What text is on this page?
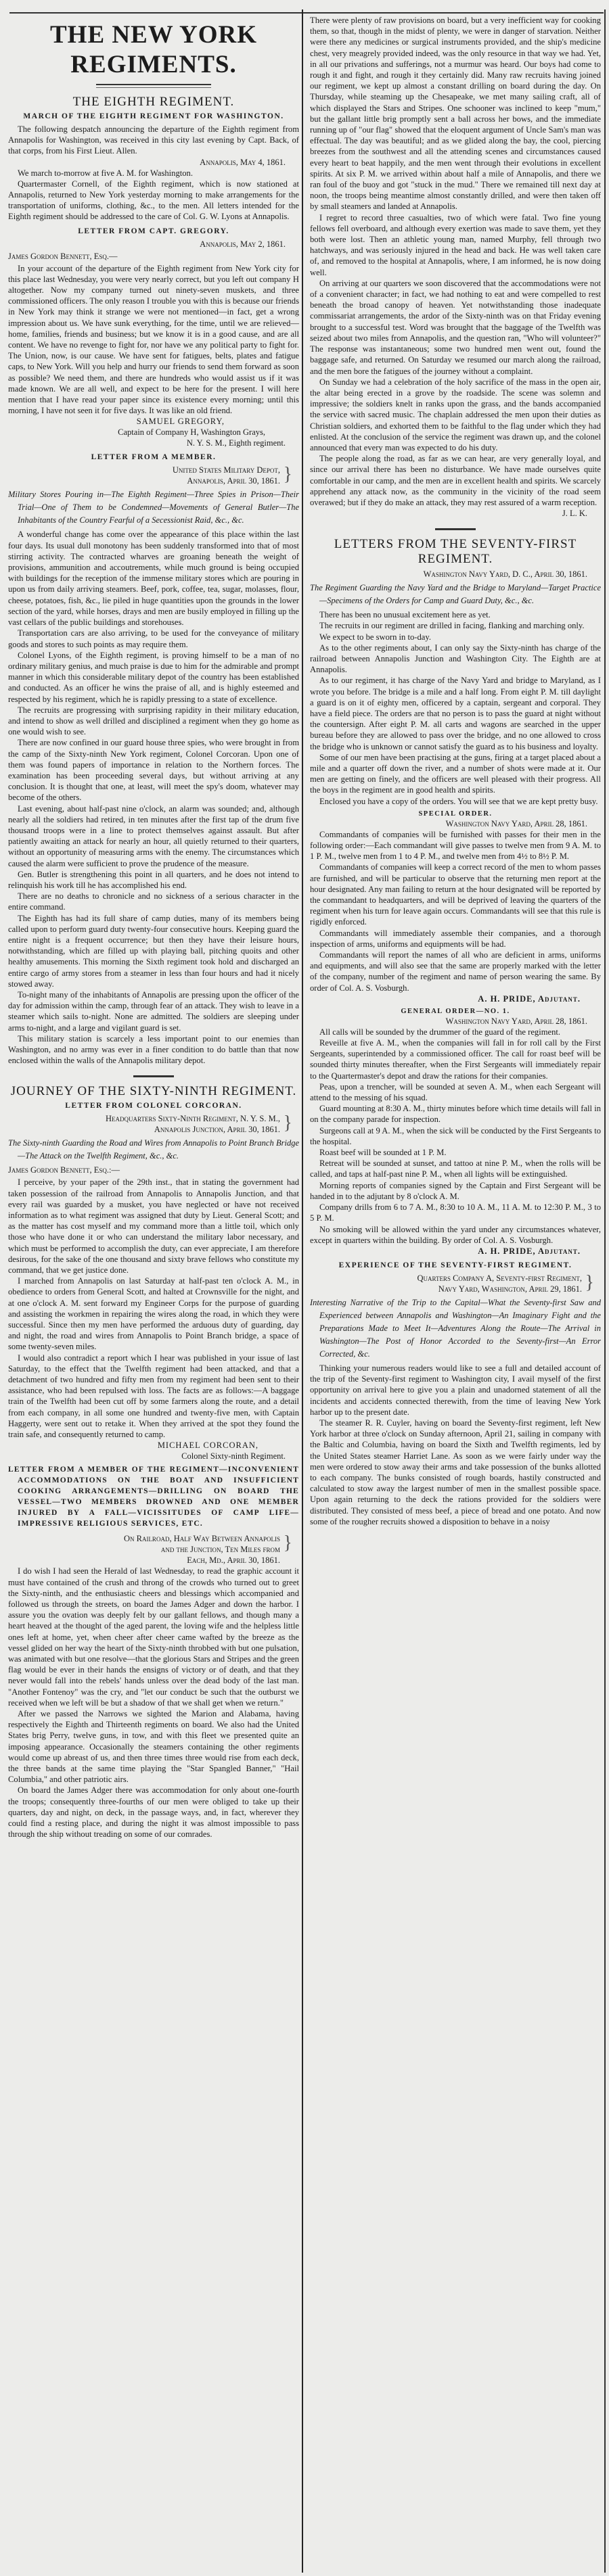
THE NEW YORK REGIMENTS.
THE EIGHTH REGIMENT.
MARCH OF THE EIGHTH REGIMENT FOR WASHINGTON.

The following despatch announcing the departure of the Eighth regiment from Annapolis for Washington, was received in this city last evening by Capt. Back, of that corps, from his First Lieut. Allen.

Annapolis, May 4, 1861.

We march to-morrow at five A. M. for Washington.

Quartermaster Cornell, of the Eighth regiment, which is now stationed at Annapolis, returned to New York yesterday morning to make arrangements for the transportation of uniforms, clothing, &c., to the men. All letters intended for the Eighth regiment should be addressed to the care of Col. G. W. Lyons at Annapolis.

LETTER FROM CAPT. GREGORY.
Annapolis, May 2, 1861.
James Gordon Bennett, Esq.—

In your account of the departure of the Eighth regiment from New York city for this place last Wednesday, you were very nearly correct, but you left out company H altogether. Now my company turned out ninety-seven muskets, and three commissioned officers. The only reason I trouble you with this is because our friends in New York may think it strange we were not mentioned—in fact, get a wrong impression about us. We have sunk everything, for the time, until we are relieved—home, families, friends and business; but we know it is in a good cause, and are all content. We have no revenge to fight for, nor have we any political party to fight for. The Union, now, is our cause. We have sent for fatigues, belts, plates and fatigue caps, to New York. Will you help and hurry our friends to send them forward as soon as possible? We need them, and there are hundreds who would assist us if it was made known. We are all well, and expect to be here for the present. I will here mention that I have read your paper since its existence every morning; until this morning, I have not seen it for five days. It was like an old friend.

SAMUEL GREGORY,
Captain of Company H, Washington Grays,
N. Y. S. M., Eighth regiment.
LETTER FROM A MEMBER.
United States Military Depot,
Annapolis, April 30, 1861.
}
Military Stores Pouring in—The Eighth Regiment—Three Spies in Prison—Their Trial—One of Them to be Condemned—Movements of General Butler—The Inhabitants of the Country Fearful of a Secessionist Raid, &c., &c.

A wonderful change has come over the appearance of this place within the last four days. Its usual dull monotony has been suddenly transformed into that of most stirring activity. The contracted wharves are groaning beneath the weight of provisions, ammunition and accoutrements, while much ground is being occupied with buildings for the reception of the immense military stores which are pouring in upon us from daily arriving steamers. Beef, pork, coffee, tea, sugar, molasses, flour, cheese, potatoes, fish, &c., lie piled in huge quantities upon the grounds in the lower section of the yard, while horses, drays and men are busily employed in filling up the vast cellars of the public buildings and storehouses.

Transportation cars are also arriving, to be used for the conveyance of military goods and stores to such points as may require them.

Colonel Lyons, of the Eighth regiment, is proving himself to be a man of no ordinary military genius, and much praise is due to him for the admirable and prompt manner in which this considerable military depot of the country has been established and conducted. As an officer he wins the praise of all, and is highly esteemed and respected by his regiment, which he is rapidly pressing to a state of excellence.

The recruits are progressing with surprising rapidity in their military education, and intend to show as well drilled and disciplined a regiment when they go home as one would wish to see.

There are now confined in our guard house three spies, who were brought in from the camp of the Sixty-ninth New York regiment, Colonel Corcoran. Upon one of them was found papers of importance in relation to the Northern forces. The examination has been proceeding several days, but without arriving at any conclusion. It is thought that one, at least, will meet the spy's doom, whatever may become of the others.

Last evening, about half-past nine o'clock, an alarm was sounded; and, although nearly all the soldiers had retired, in ten minutes after the first tap of the drum five thousand troops were in a line to protect themselves against assault. But after patiently awaiting an attack for nearly an hour, all quietly returned to their quarters, without an opportunity of measuring arms with the enemy. The circumstances which caused the alarm were sufficient to prove the prudence of the measure.

Gen. Butler is strengthening this point in all quarters, and he does not intend to relinquish his work till he has accomplished his end.

There are no deaths to chronicle and no sickness of a serious character in the entire command.

The Eighth has had its full share of camp duties, many of its members being called upon to perform guard duty twenty-four consecutive hours. Keeping guard the entire night is a frequent occurrence; but then they have their leisure hours, notwithstanding, which are filled up with playing ball, pitching quoits and other healthy amusements. This morning the Sixth regiment took hold and discharged an entire cargo of army stores from a steamer in less than four hours and had it nicely stowed away.

To-night many of the inhabitants of Annapolis are pressing upon the officer of the day for admission within the camp, through fear of an attack. They wish to leave in a steamer which sails to-night. None are admitted. The soldiers are sleeping under arms to-night, and a large and vigilant guard is set.

This military station is scarcely a less important point to our enemies than Washington, and no army was ever in a finer condition to do battle than that now enclosed within the walls of the Annapolis military depot.

JOURNEY OF THE SIXTY-NINTH REGIMENT.
LETTER FROM COLONEL CORCORAN.
Headquarters Sixty-Ninth Regiment, N. Y. S. M.,
Annapolis Junction, April 30, 1861.
}
The Sixty-ninth Guarding the Road and Wires from Annapolis to Point Branch Bridge—The Attack on the Twelfth Regiment, &c., &c.
James Gordon Bennett, Esq.:—

I perceive, by your paper of the 29th inst., that in stating the government had taken possession of the railroad from Annapolis to Annapolis Junction, and that every rail was guarded by a musket, you have neglected or have not received information as to what regiment was assigned that duty by Lieut. General Scott; and as the matter has cost myself and my command more than a little toil, which only those who have done it or who can understand the military labor necessary, and which must be performed to accomplish the duty, can ever appreciate, I am therefore desirous, for the sake of the one thousand and sixty brave fellows who constitute my command, that we get justice done.

I marched from Annapolis on last Saturday at half-past ten o'clock A. M., in obedience to orders from General Scott, and halted at Crownsville for the night, and at one o'clock A. M. sent forward my Engineer Corps for the purpose of guarding and assisting the workmen in repairing the wires along the road, in which they were successful. Since then my men have performed the arduous duty of guarding, day and night, the road and wires from Annapolis to Point Branch bridge, a space of some twenty-seven miles.

I would also contradict a report which I hear was published in your issue of last Saturday, to the effect that the Twelfth regiment had been attacked, and that a detachment of two hundred and fifty men from my regiment had been sent to their assistance, who had been repulsed with loss. The facts are as follows:—A baggage train of the Twelfth had been cut off by some farmers along the route, and a detail from each company, in all some one hundred and twenty-five men, with Captain Haggerty, were sent out to retake it. When they arrived at the spot they found the train safe, and consequently returned to camp.

MICHAEL CORCORAN,
Colonel Sixty-ninth Regiment.
LETTER FROM A MEMBER OF THE REGIMENT—INCONVENIENT ACCOMMODATIONS ON THE BOAT AND INSUFFICIENT COOKING ARRANGEMENTS—DRILLING ON BOARD THE VESSEL—TWO MEMBERS DROWNED AND ONE MEMBER INJURED BY A FALL—VICISSITUDES OF CAMP LIFE—IMPRESSIVE RELIGIOUS SERVICES, ETC.
On Railroad, Half Way Between Annapolis
and the Junction, Ten Miles from
Each, Md., April 30, 1861.
}

I do wish I had seen the Herald of last Wednesday, to read the graphic account it must have contained of the crush and throng of the crowds who turned out to greet the Sixty-ninth, and the enthusiastic cheers and blessings which accompanied and followed us through the streets, on board the James Adger and down the harbor. I assure you the ovation was deeply felt by our gallant fellows, and though many a heart heaved at the thought of the aged parent, the loving wife and the helpless little ones left at home, yet, when cheer after cheer came wafted by the breeze as the vessel glided on her way the heart of the Sixty-ninth throbbed with but one pulsation, was animated with but one resolve—that the glorious Stars and Stripes and the green flag would be ever in their hands the ensigns of victory or of death, and that they never would fall into the rebels' hands unless over the dead body of the last man. "Another Fontenoy" was the cry, and "let our conduct be such that the outburst we received when we left will be but a shadow of that we shall get when we return."

After we passed the Narrows we sighted the Marion and Alabama, having respectively the Eighth and Thirteenth regiments on board. We also had the United States brig Perry, twelve guns, in tow, and with this fleet we presented quite an imposing appearance. Occasionally the steamers containing the other regiments would come up abreast of us, and then three times three would rise from each deck, the three bands at the same time playing the "Star Spangled Banner," "Hail Columbia," and other patriotic airs.

On board the James Adger there was accommodation for only about one-fourth the troops; consequently three-fourths of our men were obliged to take up their quarters, day and night, on deck, in the passage ways, and, in fact, wherever they could find a resting place, and during the night it was almost impossible to pass through the ship without treading on some of our comrades.

There were plenty of raw provisions on board, but a very inefficient way for cooking them, so that, though in the midst of plenty, we were in danger of starvation. Neither were there any medicines or surgical instruments provided, and the ship's medicine chest, very meagrely provided indeed, was the only resource in that way we had. Yet, in all our privations and sufferings, not a murmur was heard. Our boys had come to rough it and fight, and rough it they certainly did. Many raw recruits having joined our regiment, we kept up almost a constant drilling on board during the day. On Thursday, while steaming up the Chesapeake, we met many sailing craft, all of which displayed the Stars and Stripes. One schooner was inclined to keep "mum," but the gallant little brig promptly sent a ball across her bows, and the immediate running up of "our flag" showed that the eloquent argument of Uncle Sam's man was effectual. The day was beautiful; and as we glided along the bay, the cool, piercing breezes from the southwest and all the attending scenes and circumstances caused every heart to beat happily, and the men went through their evolutions in excellent spirits. At six P. M. we arrived within about half a mile of Annapolis, and there we ran foul of the buoy and got "stuck in the mud." There we remained till next day at noon, the troops being meantime almost constantly drilled, and were then taken off by small steamers and landed at Annapolis.

I regret to record three casualties, two of which were fatal. Two fine young fellows fell overboard, and although every exertion was made to save them, yet they both were lost. Then an athletic young man, named Murphy, fell through two hatchways, and was seriously injured in the head and back. He was well taken care of, and removed to the hospital at Annapolis, where, I am informed, he is now doing well.

On arriving at our quarters we soon discovered that the accommodations were not of a convenient character; in fact, we had nothing to eat and were compelled to rest beneath the broad canopy of heaven. Yet notwithstanding those inadequate commissariat arrangements, the ardor of the Sixty-ninth was on that Friday evening brought to a successful test. Word was brought that the baggage of the Twelfth was seized about two miles from Annapolis, and the question ran, "Who will volunteer?" The response was instantaneous; some two hundred men went out, found the baggage safe, and returned. On Saturday we resumed our march along the railroad, and the men bore the fatigues of the journey without a complaint.

On Sunday we had a celebration of the holy sacrifice of the mass in the open air, the altar being erected in a grove by the roadside. The scene was solemn and impressive; the soldiers knelt in ranks upon the grass, and the bands accompanied the service with sacred music. The chaplain addressed the men upon their duties as Christian soldiers, and exhorted them to be faithful to the flag under which they had enlisted. At the conclusion of the service the regiment was drawn up, and the colonel announced that every man was expected to do his duty.

The people along the road, as far as we can hear, are very generally loyal, and since our arrival there has been no disturbance. We have made ourselves quite comfortable in our camp, and the men are in excellent health and spirits. We scarcely apprehend any attack now, as the community in the vicinity of the road seem overawed; but if they do make an attack, they may rest assured of a warm reception.

J. L. K.
LETTERS FROM THE SEVENTY-FIRST REGIMENT.
Washington Navy Yard, D. C., April 30, 1861.
The Regiment Guarding the Navy Yard and the Bridge to Maryland—Target Practice—Specimens of the Orders for Camp and Guard Duty, &c., &c.

There has been no unusual excitement here as yet.

The recruits in our regiment are drilled in facing, flanking and marching only.

We expect to be sworn in to-day.

As to the other regiments about, I can only say the Sixty-ninth has charge of the railroad between Annapolis Junction and Washington City. The Eighth are at Annapolis.

As to our regiment, it has charge of the Navy Yard and bridge to Maryland, as I wrote you before. The bridge is a mile and a half long. From eight P. M. till daylight a guard is on it of eighty men, officered by a captain, sergeant and corporal. They have a field piece. The orders are that no person is to pass the guard at night without the countersign. After eight P. M. all carts and wagons are searched in the upper bureau before they are allowed to pass over the bridge, and no one allowed to cross the bridge who is unknown or cannot satisfy the guard as to his business and loyalty.

Some of our men have been practising at the guns, firing at a target placed about a mile and a quarter off down the river, and a number of shots were made at it. Our men are getting on finely, and the officers are well pleased with their progress. All the boys in the regiment are in good health and spirits.

Enclosed you have a copy of the orders. You will see that we are kept pretty busy.

SPECIAL ORDER.
Washington Navy Yard, April 28, 1861.

Commandants of companies will be furnished with passes for their men in the following order:—Each commandant will give passes to twelve men from 9 A. M. to 1 P. M., twelve men from 1 to 4 P. M., and twelve men from 4½ to 8½ P. M.

Commandants of companies will keep a correct record of the men to whom passes are furnished, and will be particular to observe that the returning men report at the hour designated. Any man failing to return at the hour designated will be reported by the commandant to headquarters, and will be deprived of leaving the quarters of the regiment when his turn for leave again occurs. Commandants will see that this rule is rigidly enforced.

Commandants will immediately assemble their companies, and a thorough inspection of arms, uniforms and equipments will be had.

Commandants will report the names of all who are deficient in arms, uniforms and equipments, and will also see that the same are properly marked with the letter of the company, number of the regiment and name of person wearing the same. By order of Col. A. S. Vosburgh.

A. H. PRIDE, Adjutant.
GENERAL ORDER—NO. 1.
Washington Navy Yard, April 28, 1861.

All calls will be sounded by the drummer of the guard of the regiment.

Reveille at five A. M., when the companies will fall in for roll call by the First Sergeants, superintended by a commissioned officer. The call for roast beef will be sounded thirty minutes thereafter, when the First Sergeants will immediately repair to the Quartermaster's depot and draw the rations for their companies.

Peas, upon a trencher, will be sounded at seven A. M., when each Sergeant will attend to the messing of his squad.

Guard mounting at 8:30 A. M., thirty minutes before which time details will fall in on the company parade for inspection.

Surgeons call at 9 A. M., when the sick will be conducted by the First Sergeants to the hospital.

Roast beef will be sounded at 1 P. M.

Retreat will be sounded at sunset, and tattoo at nine P. M., when the rolls will be called, and taps at half-past nine P. M., when all lights will be extinguished.

Morning reports of companies signed by the Captain and First Sergeant will be handed in to the adjutant by 8 o'clock A. M.

Company drills from 6 to 7 A. M., 8:30 to 10 A. M., 11 A. M. to 12:30 P. M., 3 to 5 P. M.

No smoking will be allowed within the yard under any circumstances whatever, except in quarters within the building. By order of Col. A. S. Vosburgh.

A. H. PRIDE, Adjutant.
EXPERIENCE OF THE SEVENTY-FIRST REGIMENT.
Quarters Company A, Seventy-first Regiment,
Navy Yard, Washington, April 29, 1861.
}
Interesting Narrative of the Trip to the Capital—What the Seventy-first Saw and Experienced between Annapolis and Washington—An Imaginary Fight and the Preparations Made to Meet It—Adventures Along the Route—The Arrival in Washington—The Post of Honor Accorded to the Seventy-first—An Error Corrected, &c.

Thinking your numerous readers would like to see a full and detailed account of the trip of the Seventy-first regiment to Washington city, I avail myself of the first opportunity on arrival here to give you a plain and unadorned statement of all the incidents and accidents connected therewith, from the time of leaving New York harbor up to the present date.

The steamer R. R. Cuyler, having on board the Seventy-first regiment, left New York harbor at three o'clock on Sunday afternoon, April 21, sailing in company with the Baltic and Columbia, having on board the Sixth and Twelfth regiments, led by the United States steamer Harriet Lane. As soon as we were fairly under way the men were ordered to stow away their arms and take possession of the bunks allotted to each company. The bunks consisted of rough boards, hastily constructed and calculated to stow away the largest number of men in the smallest possible space. Upon again returning to the deck the rations provided for the soldiers were distributed. They consisted of mess beef, a piece of bread and one potato. And now some of the rougher recruits showed a disposition to behave in a noisy
